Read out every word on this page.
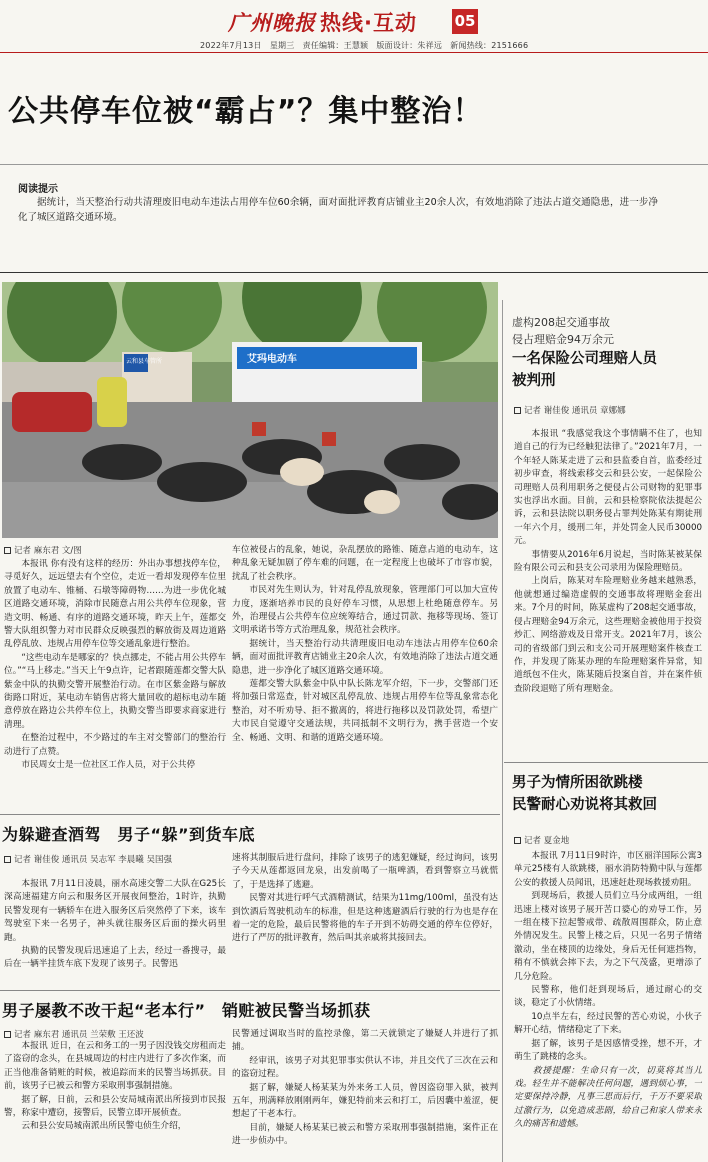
广州晚报 热线·互动	05
2022年7月13日　星期三　责任编辑：王慧颖　版面设计：朱祥远　新闻热线：2151666
公共停车位被“霸占”？集中整治！
阅读提示
据统计，当天整治行动共清理废旧电动车违法占用停车位60余辆，面对面批评教育店铺业主20余人次，有效地消除了违法占道交通隐患，进一步净化了城区道路交通环境。
艾玛电动车
云和县车管所
记者 麻东君 文/图

本报讯 你有没有这样的经历：外出办事想找停车位，寻觅好久，远远望去有个空位，走近一看却发现停车位里放置了电动车、锥桶、石墩等障碍物……为进一步优化城区道路交通环境，消除市民随意占用公共停车位现象，营造文明、畅通、有序的道路交通环境，昨天上午，莲都交警大队组织警力对市民群众反映强烈的解放街及周边道路乱停乱放、违规占用停车位等交通乱象进行整治。

“这些电动车是哪家的？快点挪走，不能占用公共停车位。”“马上移走。”当天上午9点许，记者跟随莲都交警大队紫金中队的执勤交警开展整治行动。在市区紫金路与解放街路口附近，某电动车销售店将大量回收的超标电动车随意停放在路边公共停车位上，执勤交警当即要求商家进行清理。

在整治过程中，不少路过的车主对交警部门的整治行动进行了点赞。

市民周女士是一位社区工作人员，对于公共停

车位被侵占的乱象，她说，杂乱摆放的路锥、随意占道的电动车，这种乱象无疑加剧了停车难的问题，在一定程度上也破坏了市容市貌，扰乱了社会秩序。

市民对先生则认为，针对乱停乱放现象，管理部门可以加大宣传力度，逐渐培养市民的良好停车习惯，从思想上杜绝随意停车。另外，治理侵占公共停车位应统筹结合，通过罚款、拖移等现场、签订文明承诺书等方式治理乱象，规范社会秩序。

据统计，当天整治行动共清理废旧电动车违法占用停车位60余辆，面对面批评教育店铺业主20余人次，有效地消除了违法占道交通隐患，进一步净化了城区道路交通环境。

莲都交警大队紫金中队中队长陈龙军介绍，下一步，交警部门还将加强日常巡查，针对城区乱停乱放、违规占用停车位等乱象常态化整治，对不听劝导、拒不撤离的，将进行拖移以及罚款处罚，希望广大市民自觉遵守交通法规，共同抵制不文明行为，携手营造一个安全、畅通、文明、和谐的道路交通环境。

为躲避查酒驾　男子“躲”到货车底
记者 谢佳俊 通讯员 吴志军 李晨曦 吴国强

本报讯 7月11日凌晨，丽水高速交警二大队在G25长深高速福建方向云和服务区开展夜间整治，1时许，执勤民警发现有一辆轿车在进入服务区后突然停了下来，该车驾驶室下来一名男子，神头就往服务区后面的操火码里跑。

执勤的民警发现后迅速追了上去，经过一番搜寻，最后在一辆半挂货车底下发现了该男子。民警迅

速将其制服后进行盘问，排除了该男子的逃犯嫌疑，经过询问，该男子今天从莲都返回龙泉，出发前喝了一瓶啤酒，看到警察立马就慌了，于是选择了逃避。

民警对其进行呼气式酒精测试，结果为11mg/100ml，虽没有达到饮酒后驾驶机动车的标准，但是这种逃避酒后行驶的行为也是存在着一定的危险，最后民警将他的车子开到不妨碍交通的停车位停好，进行了严厉的批评教育，然后叫其亲戚将其接回去。

男子屡教不改干起“老本行”　销赃被民警当场抓获
记者 麻东君 通讯员 兰荣敷 王还波

本报讯 近日，在云和务工的一男子因没钱交房租而走了盗窃的念头，在县城周边的村庄内进行了多次作案，而正当他准备销赃的时候，被追踪而来的民警当场抓获。目前，该男子已被云和警方采取刑事强制措施。

据了解，日前，云和县公安局城南派出所接到市民报警，称家中遭窃，接警后，民警立即开展侦查。

云和县公安局城南派出所民警屯侦生介绍，

民警通过调取当时的监控录像，第二天就锁定了嫌疑人并进行了抓捕。

经审讯，该男子对其犯罪事实供认不讳，并且交代了三次在云和的盗窃过程。

据了解，嫌疑人杨某某为外来务工人员，曾因盗窃罪入狱，被判五年，刑满释放刚刚两年，嫌犯特前来云和打工，后因囊中羞涩，便想起了干老本行。

目前，嫌疑人杨某某已被云和警方采取刑事强制措施，案件正在进一步侦办中。

虚构208起交通事故
侵占理赔金94万余元
一名保险公司理赔人员
被判刑
记者 谢佳俊 通讯员 章娜娜

本报讯 “我感觉我这个事情瞒不住了，也知道自己的行为已经触犯法律了。”2021年7月，一个年轻人陈某走进了云和县监委自首，监委经过初步审查，将线索移交云和县公安，一起保险公司理赔人员利用职务之便侵占公司财物的犯罪事实也浮出水面。目前，云和县检察院依法提起公诉，云和县法院以职务侵占罪判处陈某有期徒刑一年六个月，缓刑二年，并处罚金人民币30000元。

事情要从2016年6月说起，当时陈某被某保险有限公司云和县支公司录用为保险理赔员。

上岗后，陈某对车险理赔业务越来越熟悉，他就想通过编造虚假的交通事故将理赔金套出来。7个月的时间，陈某虚构了208起交通事故，侵占理赔金94万余元，这些理赔金被他用于投资炒汇、网络游戏及日常开支。2021年7月，该公司的省级部门到云和支公司开展理赔案件核查工作，并发现了陈某办理的车险理赔案件异常，知道纸包不住火，陈某随后投案自首，并在案件侦查阶段退赔了所有理赔金。

男子为情所困欲跳楼
民警耐心劝说将其救回
记者 夏金地

本报讯 7月11日9时许，市区丽洋国际公寓3单元25楼有人欲跳楼，丽水消防特勤中队与莲都公安的救援人员闻讯，迅速赶赴现场救援劝阻。

到现场后，救援人员们立马分成两组，一组迅速上楼对该男子展开苦口婆心的劝导工作，另一组在楼下拉起警戒带、疏散周围群众，防止意外情况发生。民警上楼之后，只见一名男子情绪激动，坐在楼顶的边缘处，身后无任何遮挡物，稍有不慎就会摔下去，为之下气茂盛，更增添了几分危险。

民警称，他们赶到现场后，通过耐心的交谈，稳定了小伙情绪。

10点半左右，经过民警的苦心劝说，小伙子解开心结，情绪稳定了下来。

据了解，该男子是因感情受挫，想不开，才萌生了跳楼的念头。

　　救援提醒：生命只有一次，切莫将其当儿戏。轻生并不能解决任何问题，遇到烦心事，一定要保持冷静，凡事三思而后行，千万不要采取过激行为，以免造成悲剧，给自己和家人带来永久的痛苦和遗憾。
